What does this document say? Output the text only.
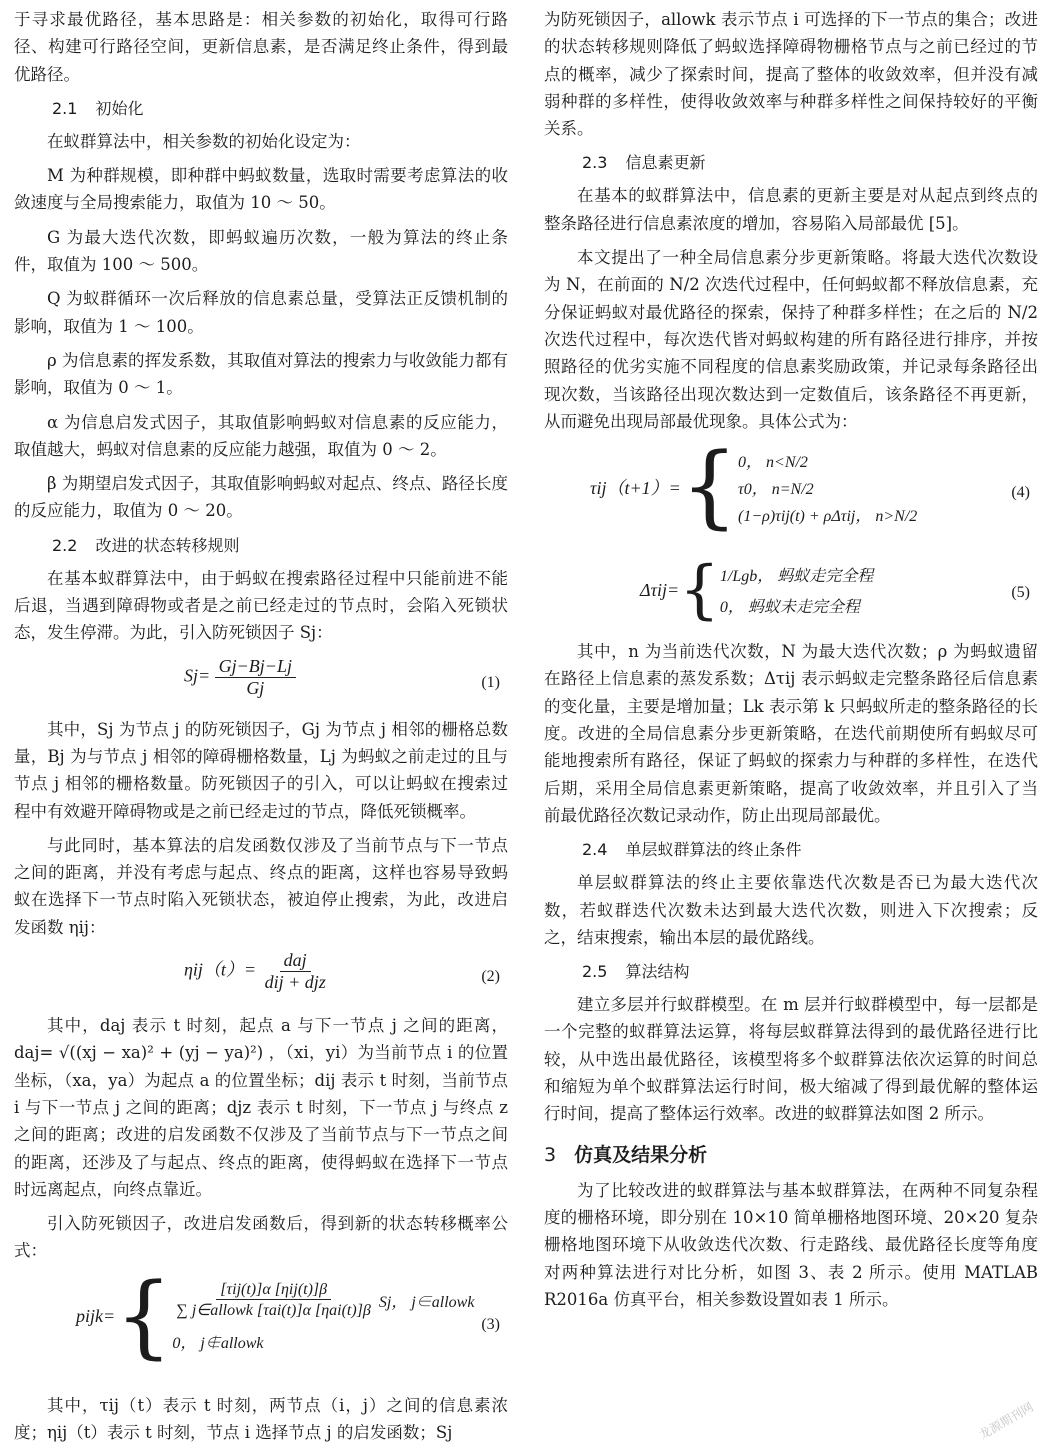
于寻求最优路径，基本思路是：相关参数的初始化，取得可行路径、构建可行路径空间，更新信息素，是否满足终止条件，得到最优路径。

2.1 初始化

在蚁群算法中，相关参数的初始化设定为：

M 为种群规模，即种群中蚂蚁数量，选取时需要考虑算法的收敛速度与全局搜索能力，取值为 10 ～ 50。

G 为最大迭代次数，即蚂蚁遍历次数，一般为算法的终止条件，取值为 100 ～ 500。

Q 为蚁群循环一次后释放的信息素总量，受算法正反馈机制的影响，取值为 1 ～ 100。

ρ 为信息素的挥发系数，其取值对算法的搜索力与收敛能力都有影响，取值为 0 ～ 1。

α 为信息启发式因子，其取值影响蚂蚁对信息素的反应能力，取值越大，蚂蚁对信息素的反应能力越强，取值为 0 ～ 2。

β 为期望启发式因子，其取值影响蚂蚁对起点、终点、路径长度的反应能力，取值为 0 ～ 20。

2.2 改进的状态转移规则

在基本蚁群算法中，由于蚂蚁在搜索路径过程中只能前进不能后退，当遇到障碍物或者是之前已经走过的节点时，会陷入死锁状态，发生停滞。为此，引入防死锁因子 Sj：

$Sj= \frac{Gj-Bj-Lj}{Gj}$	(1)

其中，Sj 为节点 j 的防死锁因子，Gj 为节点 j 相邻的栅格总数量，Bj 为与节点 j 相邻的障碍栅格数量，Lj 为蚂蚁之前走过的且与节点 j 相邻的栅格数量。防死锁因子的引入，可以让蚂蚁在搜索过程中有效避开障碍物或是之前已经走过的节点，降低死锁概率。

与此同时，基本算法的启发函数仅涉及了当前节点与下一节点之间的距离，并没有考虑与起点、终点的距离，这样也容易导致蚂蚁在选择下一节点时陷入死锁状态，被迫停止搜索，为此，改进启发函数 ηij：

$\eta ij(t)= \frac{\text{daj}}{\text{dij + djz}}$	(2)

其中，daj 表示 t 时刻，起点 a 与下一节点 j 之间的距离，daj= √((xj − xa)² + (yj − ya)²) ，（xi，yi）为当前节点 i 的位置坐标，（xa，ya）为起点 a 的位置坐标；dij 表示 t 时刻，当前节点 i 与下一节点 j 之间的距离；djz 表示 t 时刻，下一节点 j 与终点 z 之间的距离；改进的启发函数不仅涉及了当前节点与下一节点之间的距离，还涉及了与起点、终点的距离，使得蚂蚁在选择下一节点时远离起点，向终点靠近。

引入防死锁因子，改进启发函数后，得到新的状态转移概率公式：

pijk= { $\frac{\text{[τij(t)]α [ηij(t)]β}}{\text{∑ j∈allowk [τai(t)]α [ηai(t)]β}}$ Sj， j∈allowk
0， j∉allowk
(3)

其中，τij（t）表示 t 时刻，两节点（i，j）之间的信息素浓度；ηij（t）表示 t 时刻，节点 i 选择节点 j 的启发函数；Sj

为防死锁因子，allowk 表示节点 i 可选择的下一节点的集合；改进的状态转移规则降低了蚂蚁选择障碍物栅格节点与之前已经过的节点的概率，减少了探索时间，提高了整体的收敛效率，但并没有减弱种群的多样性，使得收敛效率与种群多样性之间保持较好的平衡关系。

2.3 信息素更新

在基本的蚁群算法中，信息素的更新主要是对从起点到终点的整条路径进行信息素浓度的增加，容易陷入局部最优 [5]。

本文提出了一种全局信息素分步更新策略。将最大迭代次数设为 N，在前面的 N/2 次迭代过程中，任何蚂蚁都不释放信息素，充分保证蚂蚁对最优路径的探索，保持了种群多样性；在之后的 N/2 次迭代过程中，每次迭代皆对蚂蚁构建的所有路径进行排序，并按照路径的优劣实施不同程度的信息素奖励政策，并记录每条路径出现次数，当该路径出现次数达到一定数值后，该条路径不再更新，从而避免出现局部最优现象。具体公式为：

τij（t+1）= { 0， n<N/2
τ0， n=N/2
(1−ρ)τij(t) + ρΔτij， n>N/2
(4)
Δτij= { 1/Lgb， 蚂蚁走完全程
0， 蚂蚁未走完全程
(5)

其中，n 为当前迭代次数，N 为最大迭代次数；ρ 为蚂蚁遗留在路径上信息素的蒸发系数；Δτij 表示蚂蚁走完整条路径后信息素的变化量，主要是增加量；Lk 表示第 k 只蚂蚁所走的整条路径的长度。改进的全局信息素分步更新策略，在迭代前期使所有蚂蚁尽可能地搜索所有路径，保证了蚂蚁的探索力与种群的多样性，在迭代后期，采用全局信息素更新策略，提高了收敛效率，并且引入了当前最优路径次数记录动作，防止出现局部最优。

2.4 单层蚁群算法的终止条件

单层蚁群算法的终止主要依靠迭代次数是否已为最大迭代次数，若蚁群迭代次数未达到最大迭代次数，则进入下次搜索；反之，结束搜索，输出本层的最优路线。

2.5 算法结构

建立多层并行蚁群模型。在 m 层并行蚁群模型中，每一层都是一个完整的蚁群算法运算，将每层蚁群算法得到的最优路径进行比较，从中选出最优路径，该模型将多个蚁群算法依次运算的时间总和缩短为单个蚁群算法运行时间，极大缩减了得到最优解的整体运行时间，提高了整体运行效率。改进的蚁群算法如图 2 所示。

3 仿真及结果分析

为了比较改进的蚁群算法与基本蚁群算法，在两种不同复杂程度的栅格环境，即分别在 10×10 简单栅格地图环境、20×20 复杂栅格地图环境下从收敛迭代次数、行走路线、最优路径长度等角度对两种算法进行对比分析，如图 3、表 2 所示。使用 MATLAB R2016a 仿真平台，相关参数设置如表 1 所示。

龙源期刊网
